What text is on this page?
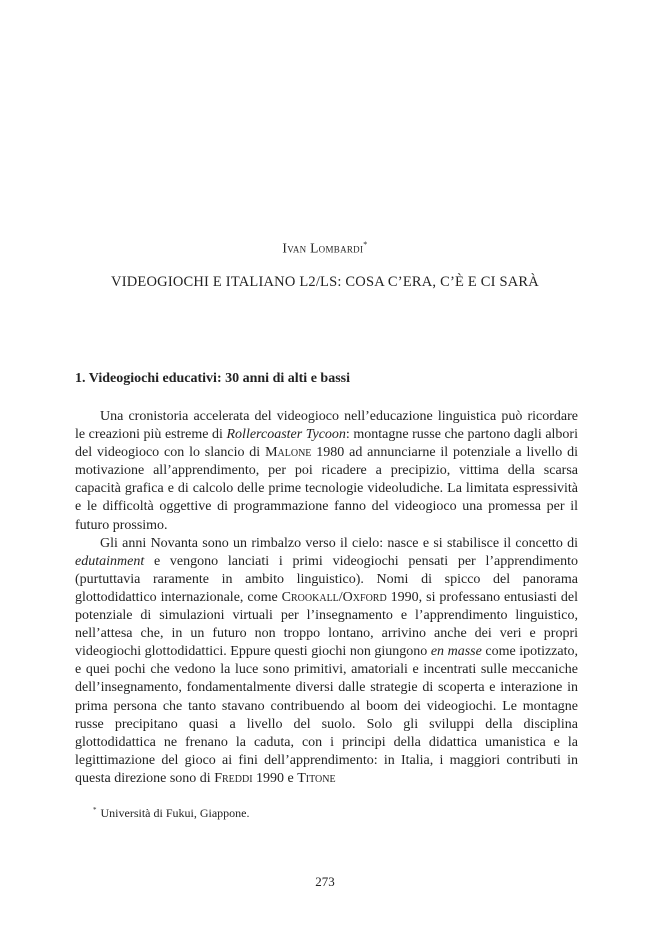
Ivan Lombardi*
VIDEOGIOCHI E ITALIANO L2/LS: COSA C’ERA, C’È E CI SARÀ
1. Videogiochi educativi: 30 anni di alti e bassi

Una cronistoria accelerata del videogioco nell’educazione linguistica può ricordare le creazioni più estreme di Rollercoaster Tycoon: montagne russe che partono dagli albori del videogioco con lo slancio di Malone 1980 ad annunciarne il potenziale a livello di motivazione all’apprendimento, per poi ricadere a precipizio, vittima della scarsa capacità grafica e di calcolo delle prime tecnologie videoludiche. La limitata espressività e le difficoltà oggettive di programmazione fanno del videogioco una promessa per il futuro prossimo.

Gli anni Novanta sono un rimbalzo verso il cielo: nasce e si stabilisce il concetto di edutainment e vengono lanciati i primi videogiochi pensati per l’apprendimento (purtuttavia raramente in ambito linguistico). Nomi di spicco del panorama glottodidattico internazionale, come Crookall/Oxford 1990, si professano entusiasti del potenziale di simulazioni virtuali per l’insegnamento e l’apprendimento linguistico, nell’attesa che, in un futuro non troppo lontano, arrivino anche dei veri e propri videogiochi glottodidattici. Eppure questi giochi non giungono en masse come ipotizzato, e quei pochi che vedono la luce sono primitivi, amatoriali e incentrati sulle meccaniche dell’insegnamento, fondamentalmente diversi dalle strategie di scoperta e interazione in prima persona che tanto stavano contribuendo al boom dei videogiochi. Le montagne russe precipitano quasi a livello del suolo. Solo gli sviluppi della disciplina glottodidattica ne frenano la caduta, con i principi della didattica umanistica e la legittimazione del gioco ai fini dell’apprendimento: in Italia, i maggiori contributi in questa direzione sono di Freddi 1990 e Titone

* Università di Fukui, Giappone.
273
